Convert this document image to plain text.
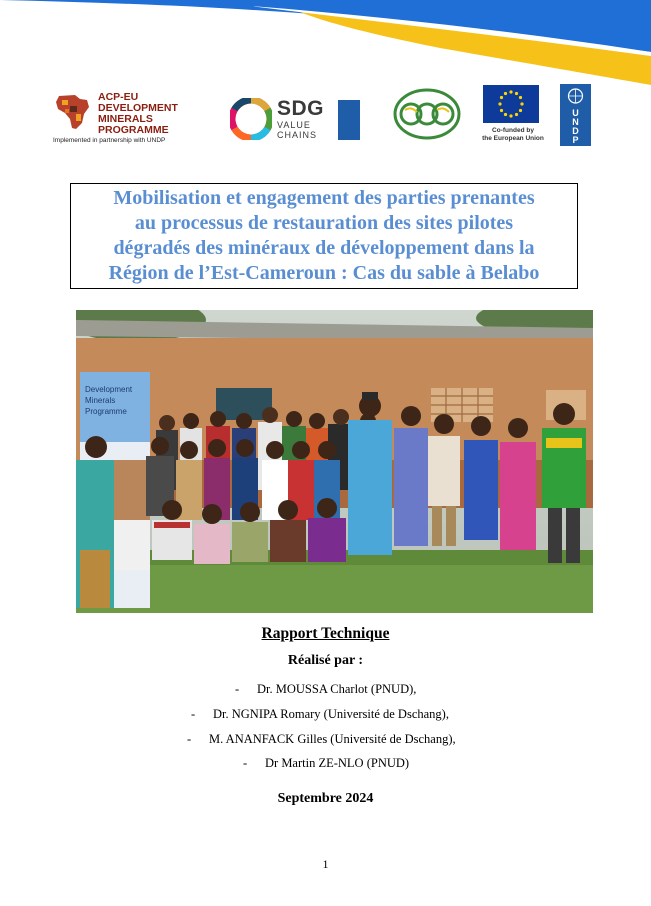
ACP-EU
DEVELOPMENT
MINERALS
PROGRAMME
Implemented in partnership with UNDP
SDG
VALUE
CHAINS	Co-funded by
the European Union
U
N
D
P
Mobilisation et engagement des parties prenantes
au processus de restauration des sites pilotes
dégradés des minéraux de développement dans la
Région de l’Est-Cameroun : Cas du sable à Belabo
Development
Minerals
Programme
Rapport Technique
Réalisé par :
- Dr. MOUSSA Charlot (PNUD),
- Dr. NGNIPA Romary (Université de Dschang),
- M. ANANFACK Gilles (Université de Dschang),
- Dr Martin ZE-NLO (PNUD)
Septembre 2024
1
